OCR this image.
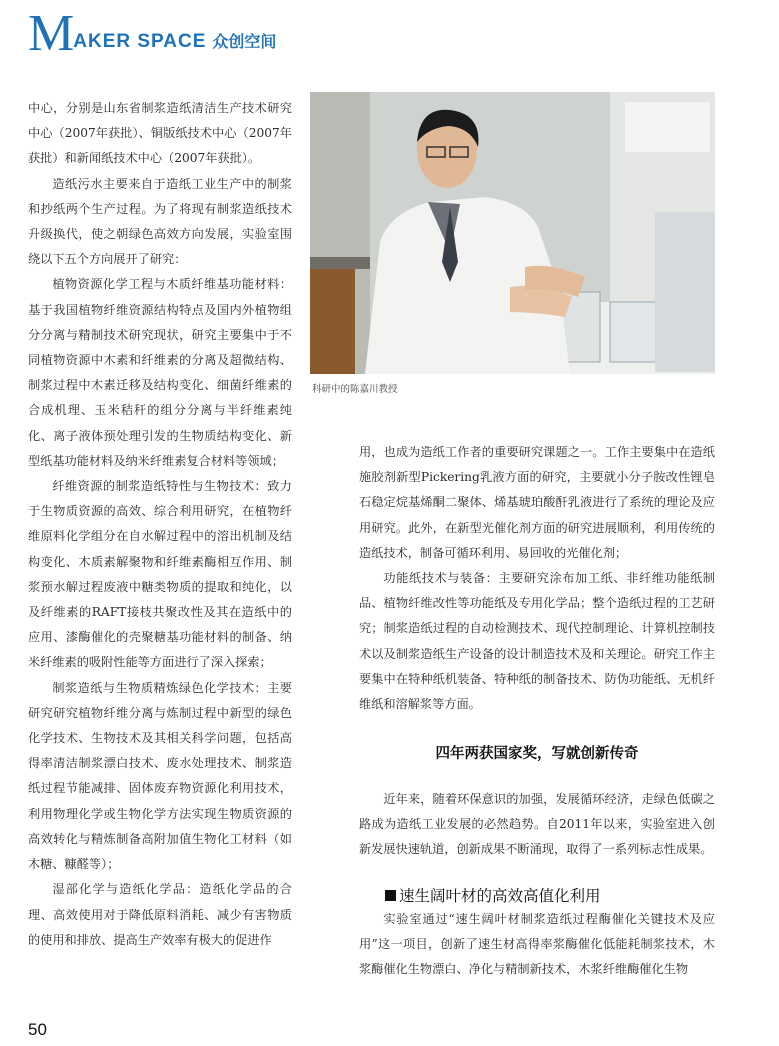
M AKER SPACE 众创空间

中心，分别是山东省制浆造纸清洁生产技术研究中心（2007年获批）、铜版纸技术中心（2007年获批）和新闻纸技术中心（2007年获批）。

造纸污水主要来自于造纸工业生产中的制浆和抄纸两个生产过程。为了将现有制浆造纸技术升级换代，使之朝绿色高效方向发展，实验室围绕以下五个方向展开了研究：

植物资源化学工程与木质纤维基功能材料：基于我国植物纤维资源结构特点及国内外植物组分分离与精制技术研究现状，研究主要集中于不同植物资源中木素和纤维素的分离及超微结构、制浆过程中木素迁移及结构变化、细菌纤维素的合成机理、玉米秸秆的组分分离与半纤维素纯化、离子液体预处理引发的生物质结构变化、新型纸基功能材料及纳米纤维素复合材料等领域；

纤维资源的制浆造纸特性与生物技术：致力于生物质资源的高效、综合利用研究，在植物纤维原料化学组分在自水解过程中的溶出机制及结构变化、木质素解聚物和纤维素酶相互作用、制浆预水解过程废液中糖类物质的提取和纯化，以及纤维素的RAFT接枝共聚改性及其在造纸中的应用、漆酶催化的壳聚糖基功能材料的制备、纳米纤维素的吸附性能等方面进行了深入探索；

制浆造纸与生物质精炼绿色化学技术：主要研究研究植物纤维分离与炼制过程中新型的绿色化学技术、生物技术及其相关科学问题，包括高得率清洁制浆漂白技术、废水处理技术、制浆造纸过程节能减排、固体废弃物资源化利用技术，利用物理化学或生物化学方法实现生物质资源的高效转化与精炼制备高附加值生物化工材料（如木糖、糠醛等）；

湿部化学与造纸化学品：造纸化学品的合理、高效使用对于降低原料消耗、减少有害物质的使用和排放、提高生产效率有极大的促进作

科研中的陈嘉川教授

用，也成为造纸工作者的重要研究课题之一。工作主要集中在造纸施胶剂新型Pickering乳液方面的研究，主要就小分子胺改性锂皂石稳定烷基烯酮二聚体、烯基琥珀酸酐乳液进行了系统的理论及应用研究。此外，在新型光催化剂方面的研究进展顺利，利用传统的造纸技术，制备可循环利用、易回收的光催化剂；

功能纸技术与装备：主要研究涂布加工纸、非纤维功能纸制品、植物纤维改性等功能纸及专用化学品；整个造纸过程的工艺研究；制浆造纸过程的自动检测技术、现代控制理论、计算机控制技术以及制浆造纸生产设备的设计制造技术及和关理论。研究工作主要集中在特种纸机装备、特种纸的制备技术、防伪功能纸、无机纤维纸和溶解浆等方面。

四年两获国家奖，写就创新传奇

近年来，随着环保意识的加强，发展循环经济，走绿色低碳之路成为造纸工业发展的必然趋势。自2011年以来，实验室进入创新发展快速轨道，创新成果不断涌现，取得了一系列标志性成果。

速生阔叶材的高效高值化利用

实验室通过“速生阔叶材制浆造纸过程酶催化关键技术及应用”这一项目，创新了速生材高得率浆酶催化低能耗制浆技术，木浆酶催化生物漂白、净化与精制新技术，木浆纤维酶催化生物

50
